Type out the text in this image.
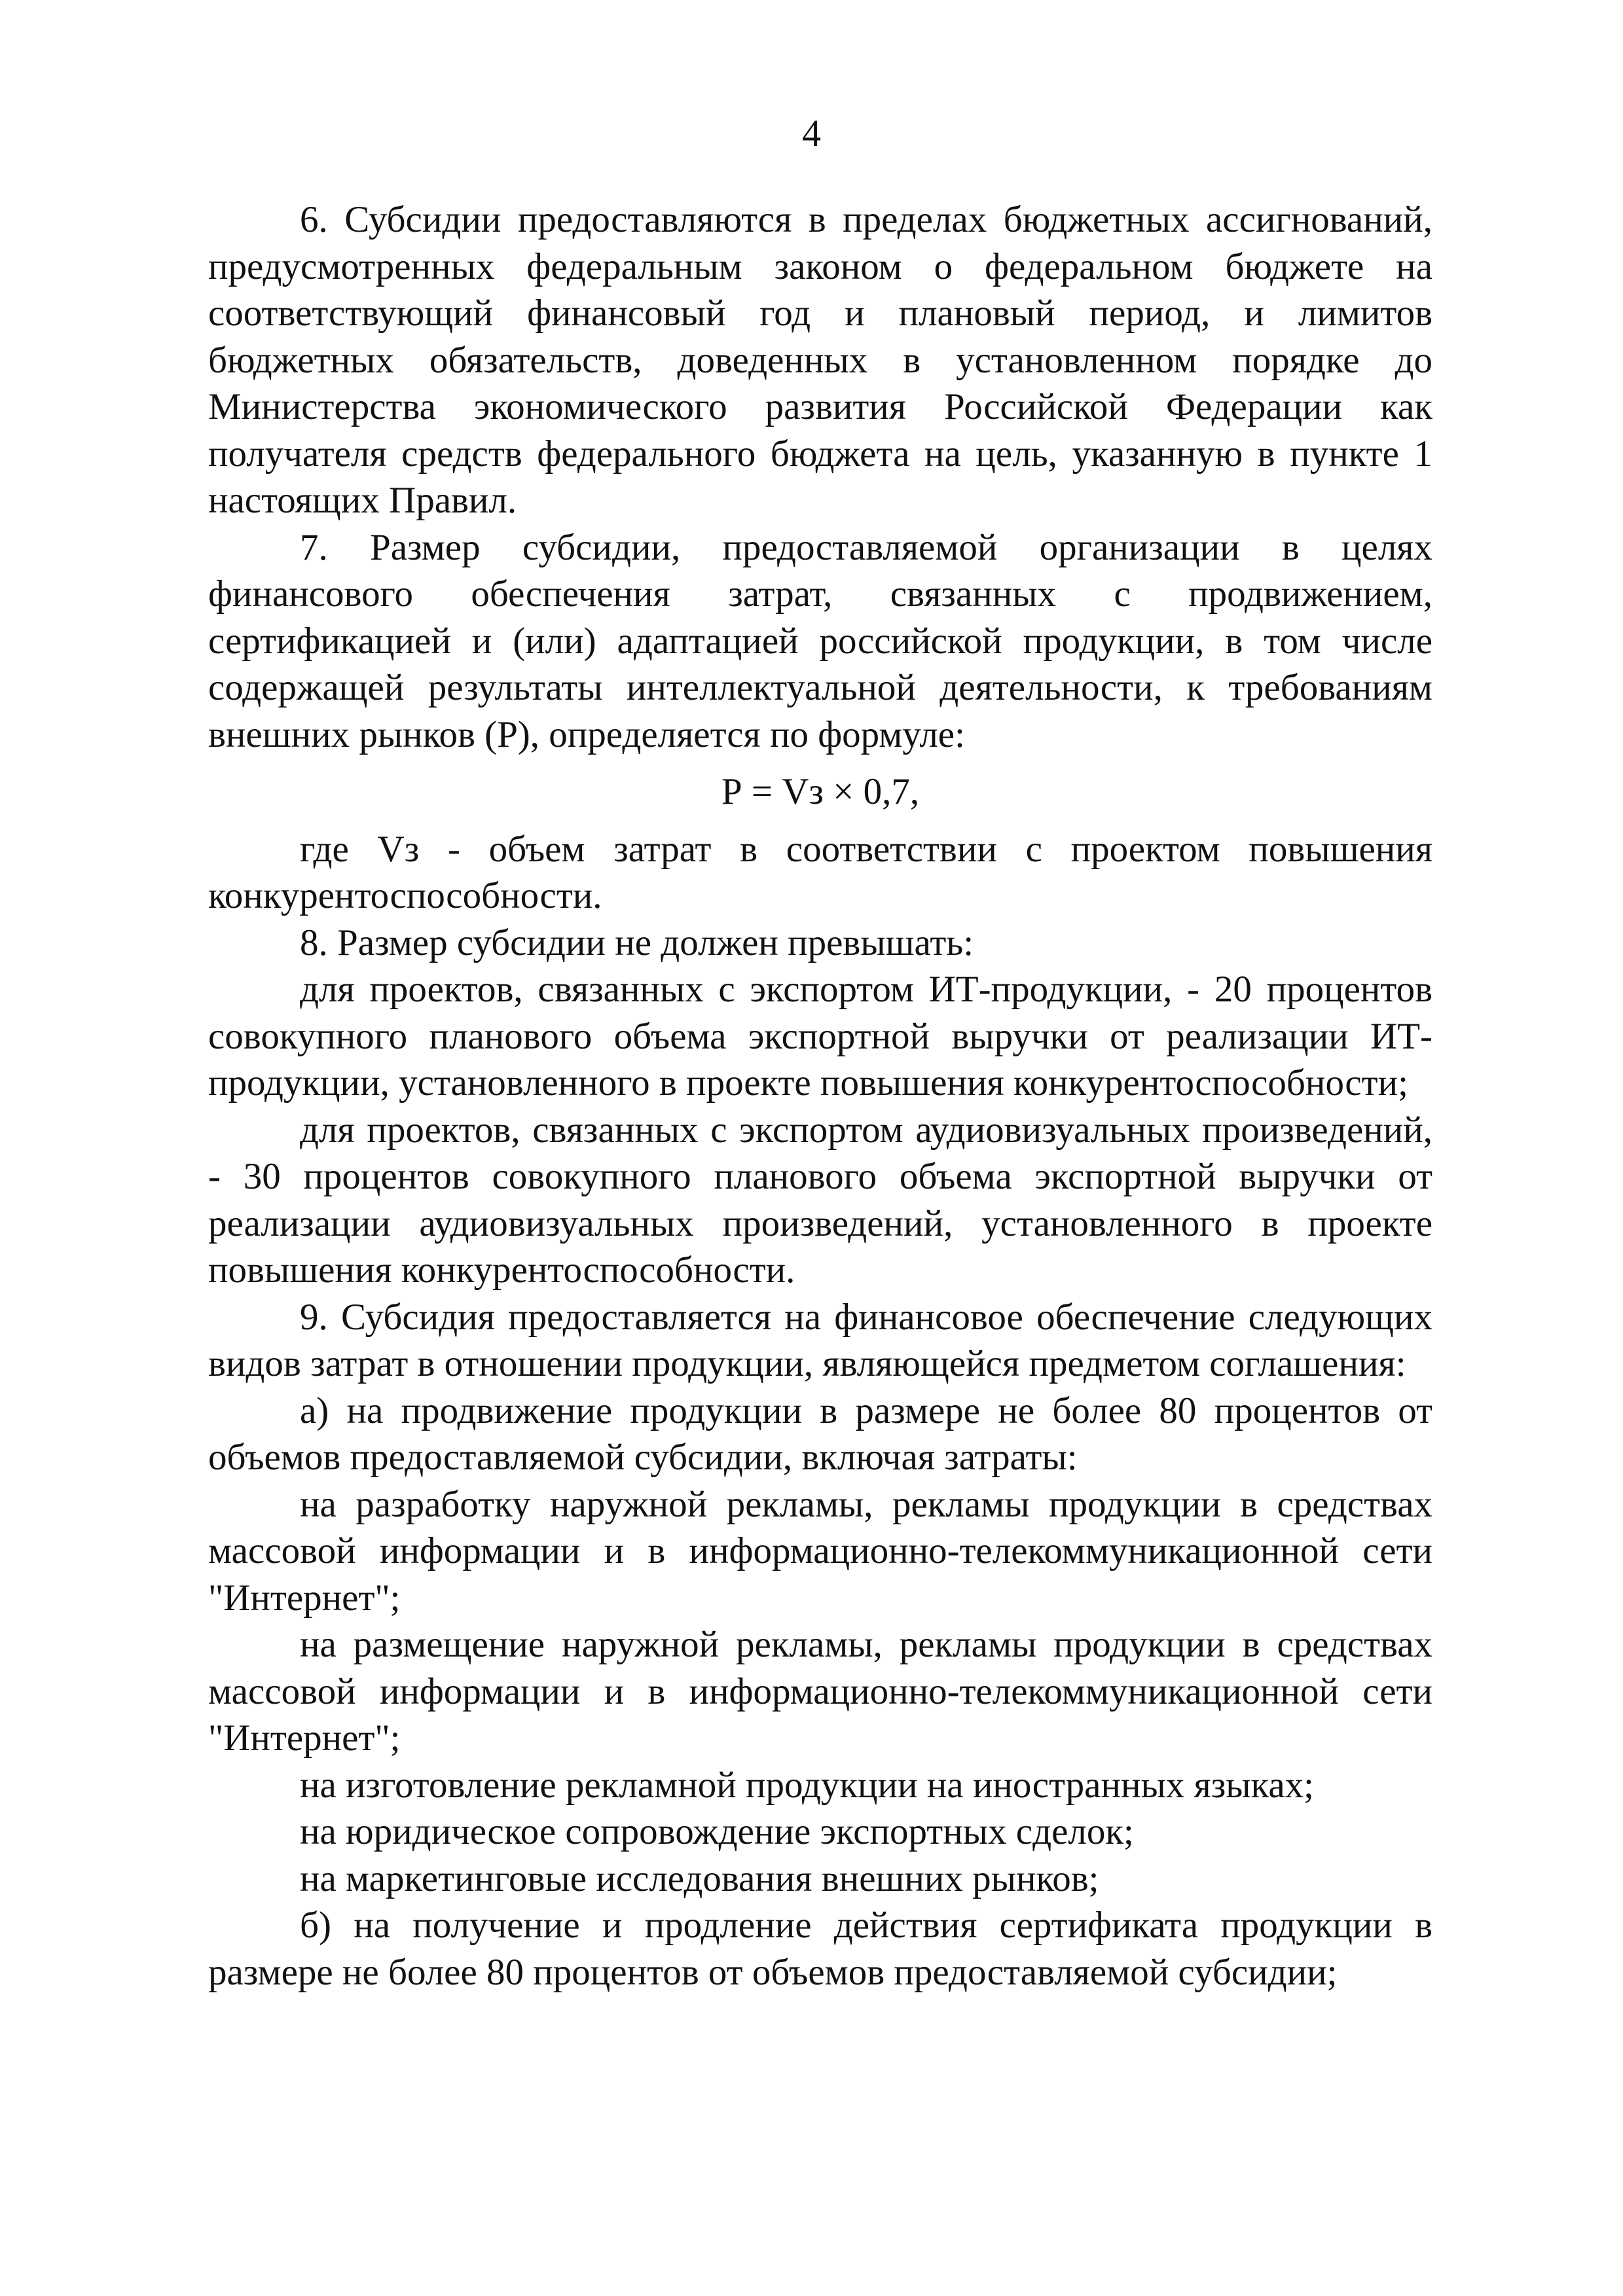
4

6. Субсидии предоставляются в пределах бюджетных ассигнований, предусмотренных федеральным законом о федеральном бюджете на соответствующий финансовый год и плановый период, и лимитов бюджетных обязательств, доведенных в установленном порядке до Министерства экономического развития Российской Федерации как получателя средств федерального бюджета на цель, указанную в пункте 1 настоящих Правил.

7. Размер субсидии, предоставляемой организации в целях финансового обеспечения затрат, связанных с продвижением, сертификацией и (или) адаптацией российской продукции, в том числе содержащей результаты интеллектуальной деятельности, к требованиям внешних рынков (Р), определяется по формуле:

Р = Vз × 0,7,

где Vз - объем затрат в соответствии с проектом повышения конкурентоспособности.

8. Размер субсидии не должен превышать:

для проектов, связанных с экспортом ИТ-продукции, - 20 процентов совокупного планового объема экспортной выручки от реализации ИТ-продукции, установленного в проекте повышения конкурентоспособности;

для проектов, связанных с экспортом аудиовизуальных произведений, - 30 процентов совокупного планового объема экспортной выручки от реализации аудиовизуальных произведений, установленного в проекте повышения конкурентоспособности.

9. Субсидия предоставляется на финансовое обеспечение следующих видов затрат в отношении продукции, являющейся предметом соглашения:

а) на продвижение продукции в размере не более 80 процентов от объемов предоставляемой субсидии, включая затраты:

на разработку наружной рекламы, рекламы продукции в средствах массовой информации и в информационно-телекоммуникационной сети "Интернет";

на размещение наружной рекламы, рекламы продукции в средствах массовой информации и в информационно-телекоммуникационной сети "Интернет";

на изготовление рекламной продукции на иностранных языках;

на юридическое сопровождение экспортных сделок;

на маркетинговые исследования внешних рынков;

б) на получение и продление действия сертификата продукции в размере не более 80 процентов от объемов предоставляемой субсидии;
